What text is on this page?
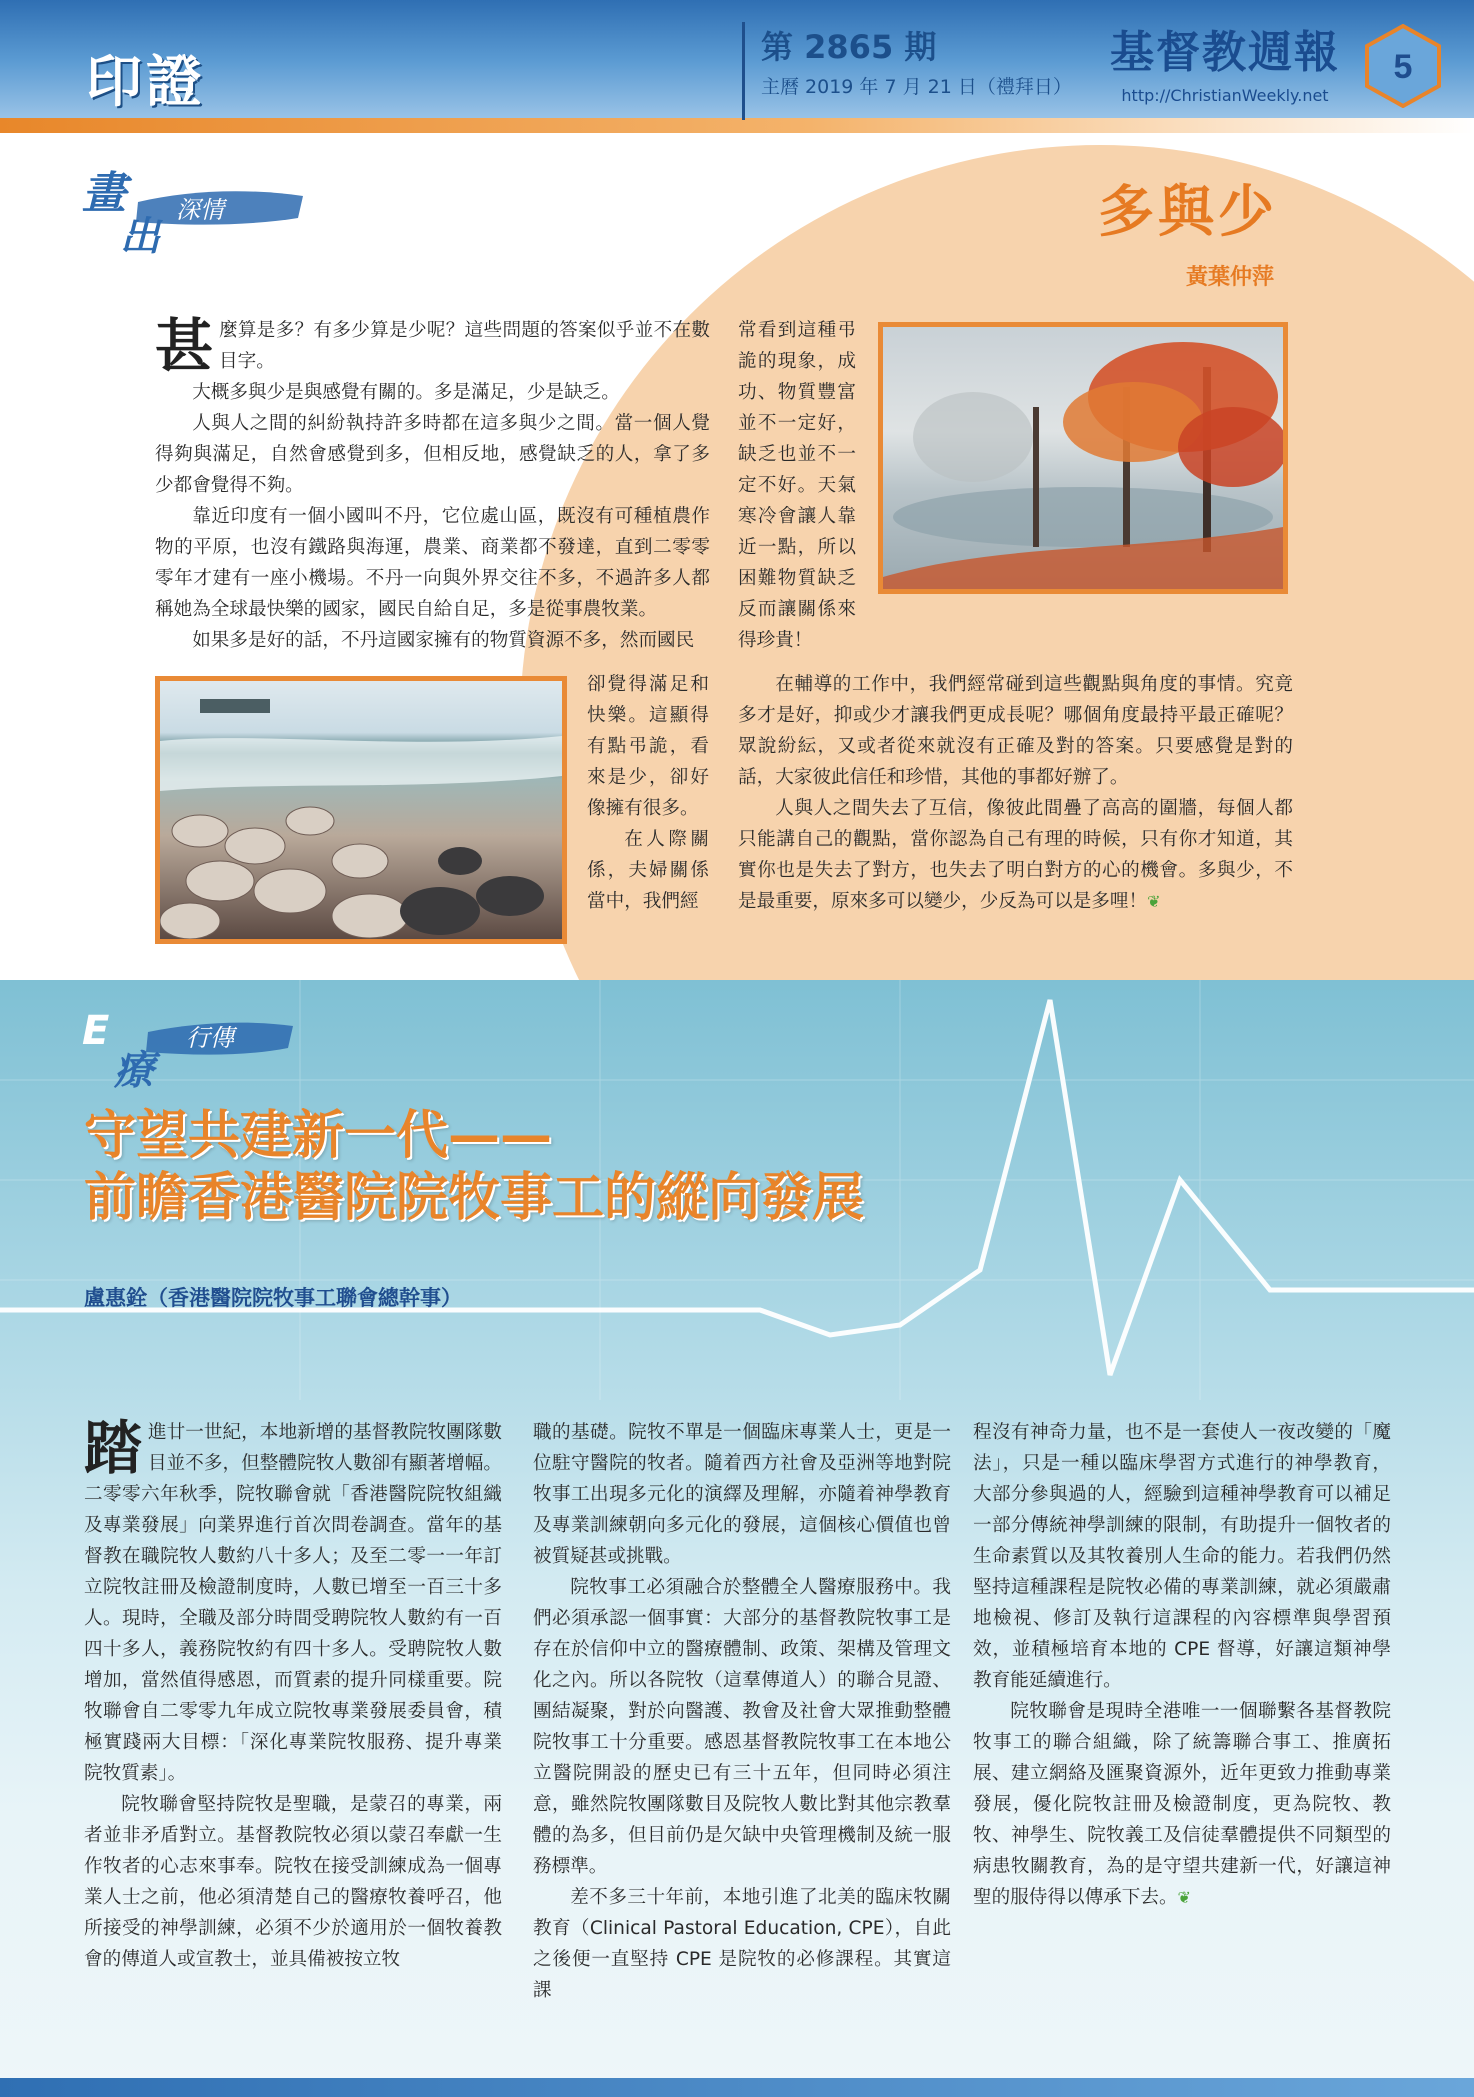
印證
第 2865 期
主曆 2019 年 7 月 21 日（禮拜日）
基督教週報
http://ChristianWeekly.net
5
畫
出
深情	多與少
黃葉仲萍

甚麼算是多？有多少算是少呢？這些問題的答案似乎並不在數目字。

大概多與少是與感覺有關的。多是滿足，少是缺乏。

人與人之間的糾紛執持許多時都在這多與少之間。當一個人覺得夠與滿足，自然會感覺到多，但相反地，感覺缺乏的人，拿了多少都會覺得不夠。

靠近印度有一個小國叫不丹，它位處山區，既沒有可種植農作物的平原，也沒有鐵路與海運，農業、商業都不發達，直到二零零零年才建有一座小機場。不丹一向與外界交往不多，不過許多人都稱她為全球最快樂的國家，國民自給自足，多是從事農牧業。

如果多是好的話，不丹這國家擁有的物質資源不多，然而國民

常看到這種弔詭的現象，成功、物質豐富並不一定好，缺乏也並不一定不好。天氣寒冷會讓人靠近一點，所以困難物質缺乏反而讓關係來得珍貴！

卻覺得滿足和快樂。這顯得有點弔詭，看來是少，卻好像擁有很多。

在人際關係，夫婦關係當中，我們經

在輔導的工作中，我們經常碰到這些觀點與角度的事情。究竟多才是好，抑或少才讓我們更成長呢？哪個角度最持平最正確呢？眾說紛紜，又或者從來就沒有正確及對的答案。只要感覺是對的話，大家彼此信任和珍惜，其他的事都好辦了。

人與人之間失去了互信，像彼此間疊了高高的圍牆，每個人都只能講自己的觀點，當你認為自己有理的時候，只有你才知道，其實你也是失去了對方，也失去了明白對方的心的機會。多與少，不是最重要，原來多可以變少，少反為可以是多哩！❦

E
療
行傳
守望共建新一代——
前瞻香港醫院院牧事工的縱向發展
盧惠銓（香港醫院院牧事工聯會總幹事）

踏進廿一世紀，本地新增的基督教院牧團隊數目並不多，但整體院牧人數卻有顯著增幅。二零零六年秋季，院牧聯會就「香港醫院院牧組織及專業發展」向業界進行首次問卷調查。當年的基督教在職院牧人數約八十多人；及至二零一一年訂立院牧註冊及檢證制度時，人數已增至一百三十多人。現時，全職及部分時間受聘院牧人數約有一百四十多人，義務院牧約有四十多人。受聘院牧人數增加，當然值得感恩，而質素的提升同樣重要。院牧聯會自二零零九年成立院牧專業發展委員會，積極實踐兩大目標：「深化專業院牧服務、提升專業院牧質素」。

院牧聯會堅持院牧是聖職，是蒙召的專業，兩者並非矛盾對立。基督教院牧必須以蒙召奉獻一生作牧者的心志來事奉。院牧在接受訓練成為一個專業人士之前，他必須清楚自己的醫療牧養呼召，他所接受的神學訓練，必須不少於適用於一個牧養教會的傳道人或宣教士，並具備被按立牧

職的基礎。院牧不單是一個臨床專業人士，更是一位駐守醫院的牧者。隨着西方社會及亞洲等地對院牧事工出現多元化的演繹及理解，亦隨着神學教育及專業訓練朝向多元化的發展，這個核心價值也曾被質疑甚或挑戰。

院牧事工必須融合於整體全人醫療服務中。我們必須承認一個事實：大部分的基督教院牧事工是存在於信仰中立的醫療體制、政策、架構及管理文化之內。所以各院牧（這羣傳道人）的聯合見證、團結凝聚，對於向醫護、教會及社會大眾推動整體院牧事工十分重要。感恩基督教院牧事工在本地公立醫院開設的歷史已有三十五年，但同時必須注意，雖然院牧團隊數目及院牧人數比對其他宗教羣體的為多，但目前仍是欠缺中央管理機制及統一服務標準。

差不多三十年前，本地引進了北美的臨床牧關教育（Clinical Pastoral Education, CPE），自此之後便一直堅持 CPE 是院牧的必修課程。其實這課

程沒有神奇力量，也不是一套使人一夜改變的「魔法」，只是一種以臨床學習方式進行的神學教育，大部分參與過的人，經驗到這種神學教育可以補足一部分傳統神學訓練的限制，有助提升一個牧者的生命素質以及其牧養別人生命的能力。若我們仍然堅持這種課程是院牧必備的專業訓練，就必須嚴肅地檢視、修訂及執行這課程的內容標準與學習預效，並積極培育本地的 CPE 督導，好讓這類神學教育能延續進行。

院牧聯會是現時全港唯一一個聯繫各基督教院牧事工的聯合組織，除了統籌聯合事工、推廣拓展、建立網絡及匯聚資源外，近年更致力推動專業發展，優化院牧註冊及檢證制度，更為院牧、教牧、神學生、院牧義工及信徒羣體提供不同類型的病患牧關教育，為的是守望共建新一代，好讓這神聖的服侍得以傳承下去。❦
